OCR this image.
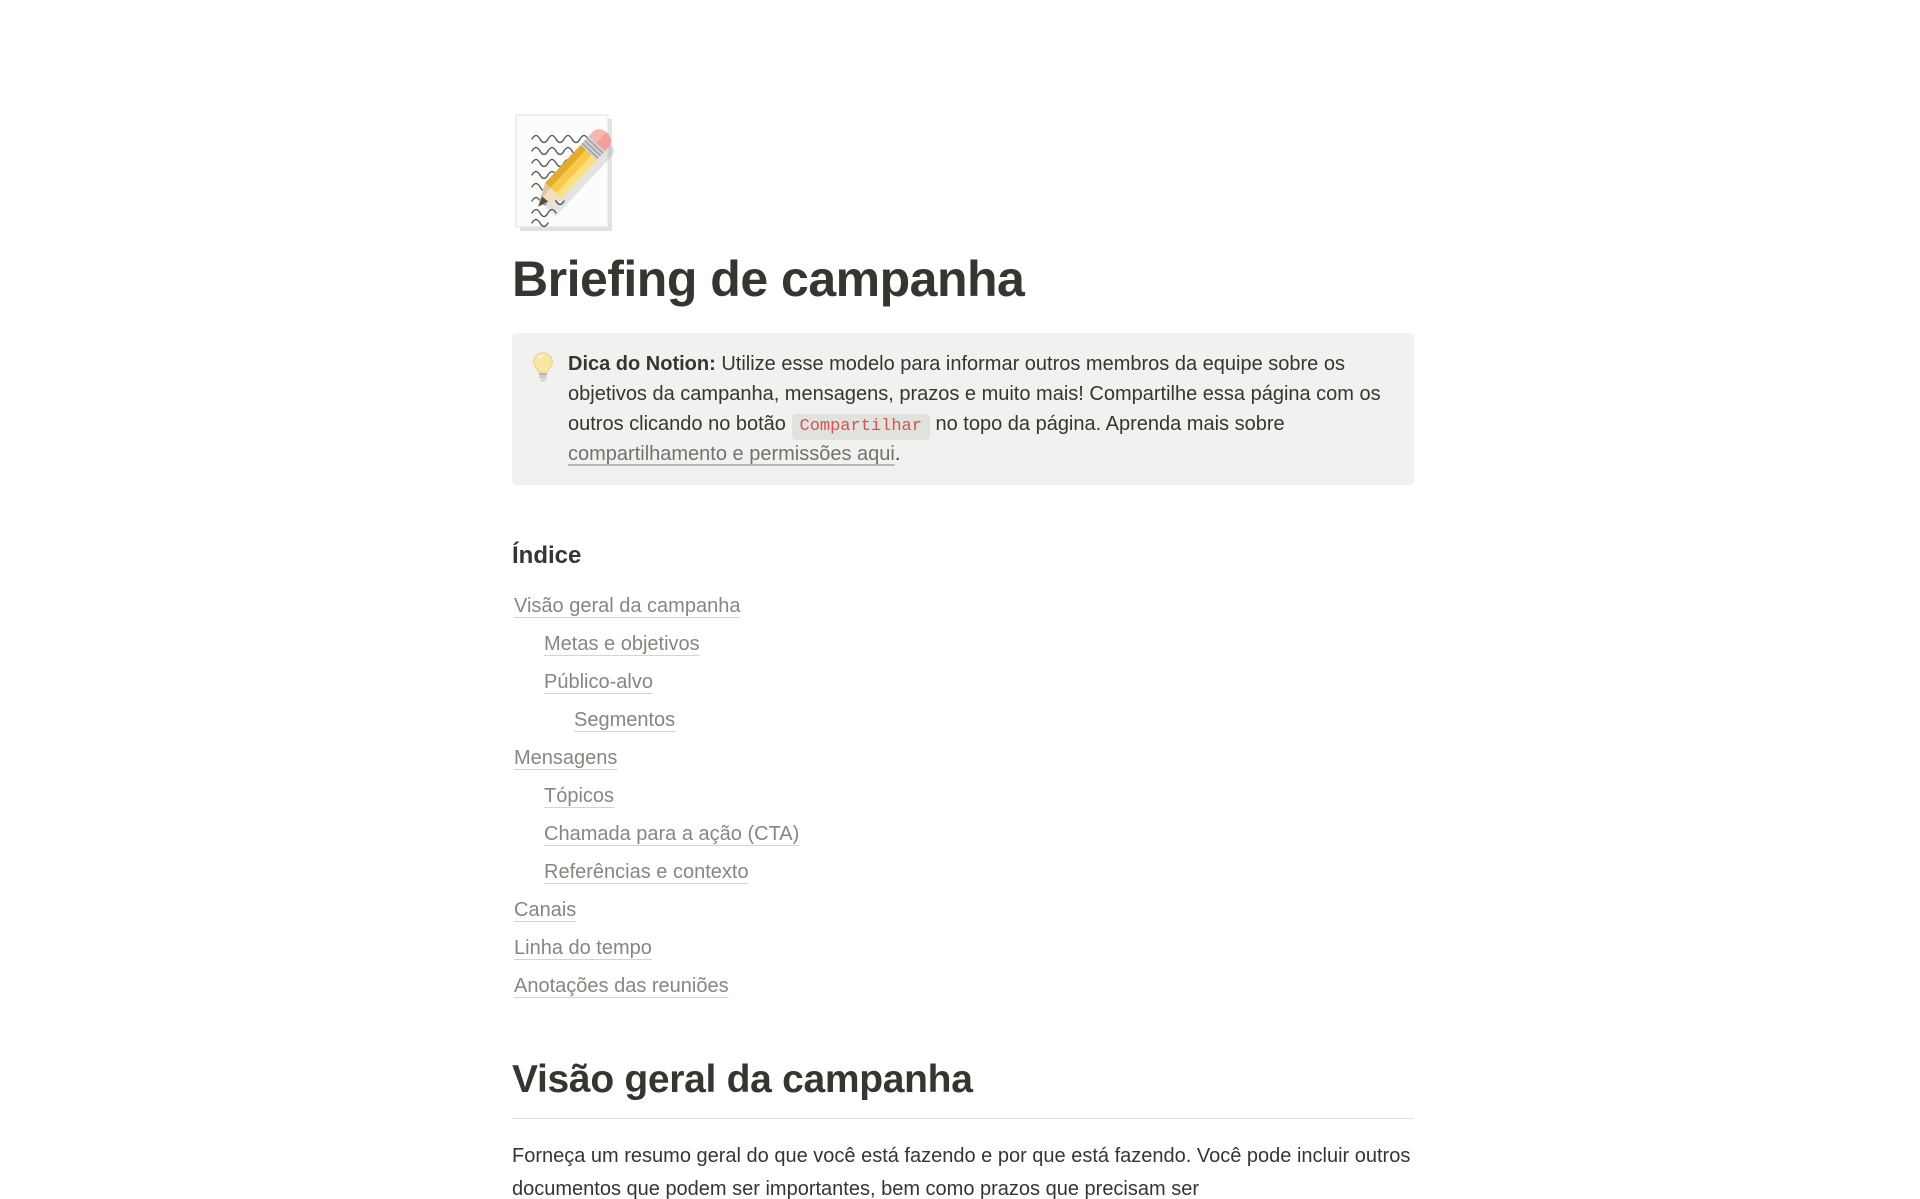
Briefing de campanha
Dica do Notion: Utilize esse modelo para informar outros membros da equipe sobre os objetivos da campanha, mensagens, prazos e muito mais! Compartilhe essa página com os outros clicando no botão Compartilhar no topo da página. Aprenda mais sobre compartilhamento e permissões aqui.
Índice
Visão geral da campanha
Metas e objetivos
Público-alvo
Segmentos
Mensagens
Tópicos
Chamada para a ação (CTA)
Referências e contexto
Canais
Linha do tempo
Anotações das reuniões
Visão geral da campanha

Forneça um resumo geral do que você está fazendo e por que está fazendo. Você pode incluir outros documentos que podem ser importantes, bem como prazos que precisam ser
